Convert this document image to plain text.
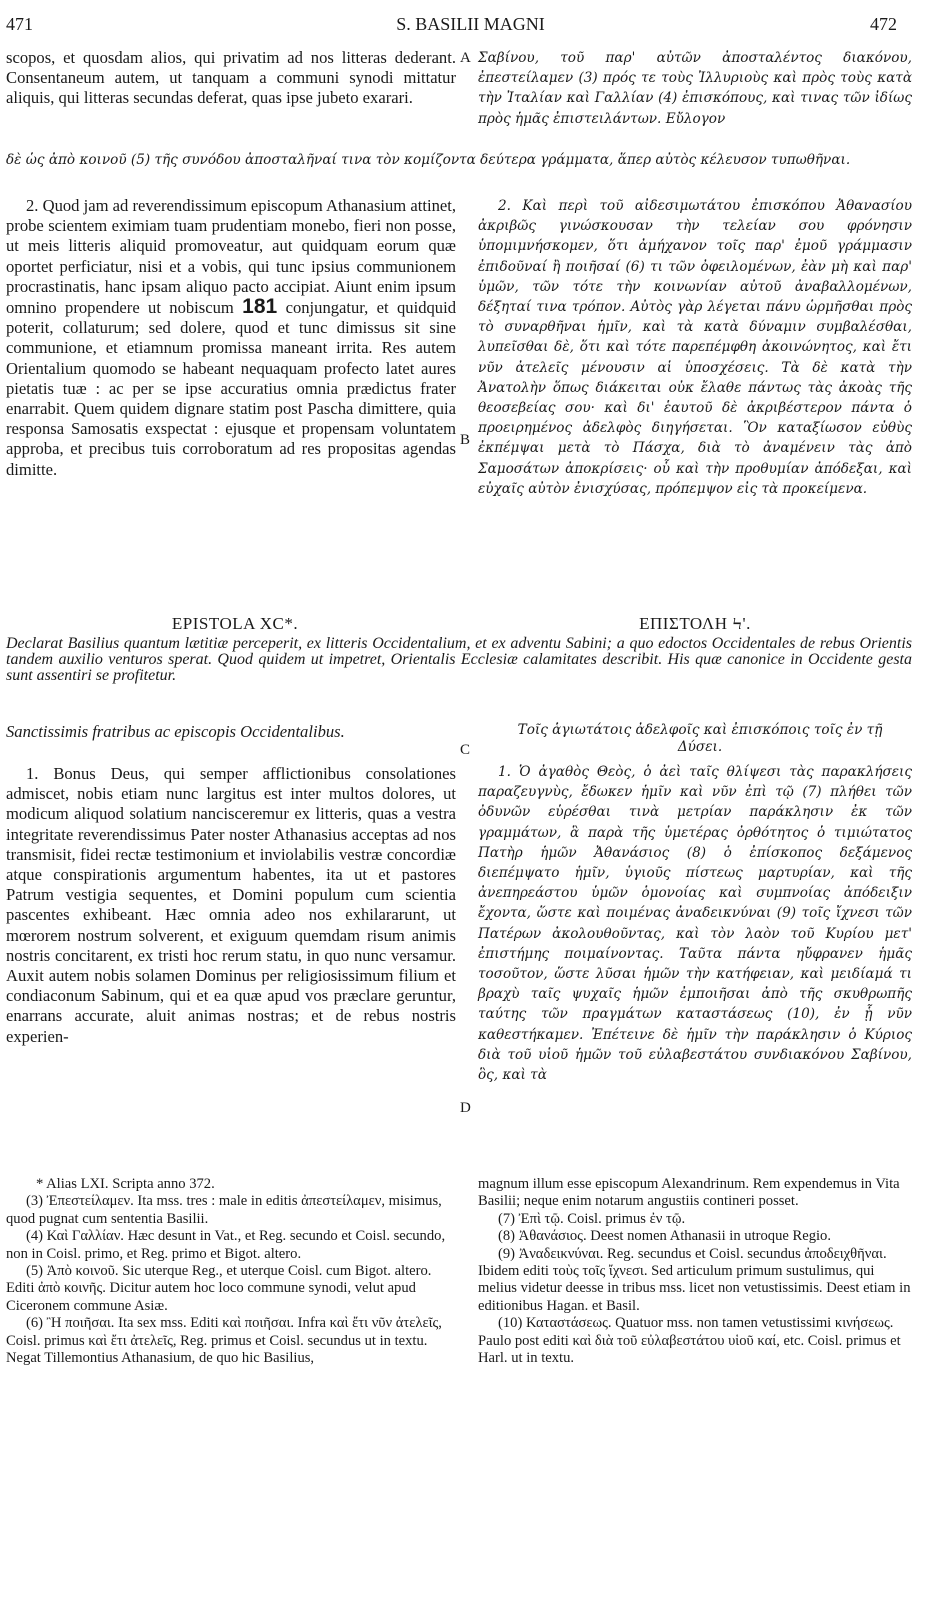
471	S. BASILII MAGNI	472

scopos, et quosdam alios, qui privatim ad nos litteras dederant. Consentaneum autem, ut tanquam a communi synodi mittatur aliquis, qui litteras secundas deferat, quas ipse jubeto exarari.

A Σαβίνου, τοῦ παρ' αὐτῶν ἀποσταλέντος διακόνου, ἐπεστείλαμεν (3) πρός τε τοὺς Ἰλλυριοὺς καὶ πρὸς τοὺς κατὰ τὴν Ἰταλίαν καὶ Γαλλίαν (4) ἐπισκόπους, καὶ τινας τῶν ἰδίως πρὸς ἡμᾶς ἐπιστειλάντων. Εὔλογον

δὲ ὡς ἀπὸ κοινοῦ (5) τῆς συνόδου ἀποσταλῆναί τινα τὸν κομίζοντα δεύτερα γράμματα, ἅπερ αὐτὸς κέλευσον τυπωθῆναι.

2. Quod jam ad reverendissimum episcopum Athanasium attinet, probe scientem eximiam tuam prudentiam monebo, fieri non posse, ut meis litteris aliquid promoveatur, aut quidquam eorum quæ oportet perficiatur, nisi et a vobis, qui tunc ipsius communionem procrastinatis, hanc ipsam aliquo pacto accipiat. Aiunt enim ipsum omnino propendere ut nobiscum 181 conjungatur, et quidquid poterit, collaturum; sed dolere, quod et tunc dimissus sit sine communione, et etiamnum promissa maneant irrita. Res autem Orientalium quomodo se habeant nequaquam profecto latet aures pietatis tuæ : ac per se ipse accuratius omnia prædictus frater enarrabit. Quem quidem dignare statim post Pascha dimittere, quia responsa Samosatis exspectat : ejusque et propensam voluntatem approba, et precibus tuis corroboratum ad res propositas agendas dimitte.

B

2. Καὶ περὶ τοῦ αἰδεσιμωτάτου ἐπισκόπου Ἀθανασίου ἀκριβῶς γινώσκουσαν τὴν τελείαν σου φρόνησιν ὑπομιμνήσκομεν, ὅτι ἀμήχανον τοῖς παρ' ἐμοῦ γράμμασιν ἐπιδοῦναί ἢ ποιῆσαί (6) τι τῶν ὀφειλομένων, ἐὰν μὴ καὶ παρ' ὑμῶν, τῶν τότε τὴν κοινωνίαν αὐτοῦ ἀναβαλλομένων, δέξηταί τινα τρόπον. Αὐτὸς γὰρ λέγεται πάνυ ὡρμῆσθαι πρὸς τὸ συναρθῆναι ἡμῖν, καὶ τὰ κατὰ δύναμιν συμβαλέσθαι, λυπεῖσθαι δὲ, ὅτι καὶ τότε παρεπέμφθη ἀκοινώνητος, καὶ ἔτι νῦν ἀτελεῖς μένουσιν αἱ ὑποσχέσεις. Τὰ δὲ κατὰ τὴν Ἀνατολὴν ὅπως διάκειται οὐκ ἔλαθε πάντως τὰς ἀκοὰς τῆς θεοσεβείας σου· καὶ δι' ἑαυτοῦ δὲ ἀκριβέστερον πάντα ὁ προειρημένος ἀδελφὸς διηγήσεται. Ὃν καταξίωσον εὐθὺς ἐκπέμψαι μετὰ τὸ Πάσχα, διὰ τὸ ἀναμένειν τὰς ἀπὸ Σαμοσάτων ἀποκρίσεις· οὗ καὶ τὴν προθυμίαν ἀπόδεξαι, καὶ εὐχαῖς αὐτὸν ἐνισχύσας, πρόπεμψον εἰς τὰ προκείμενα.

EPISTOLA XC*.	ΕΠΙΣΤΟΛΗ Ϟ'.
Declarat Basilius quantum lætitiæ perceperit, ex litteris Occidentalium, et ex adventu Sabini; a quo edoctos Occidentales de rebus Orientis tandem auxilio venturos sperat. Quod quidem ut impetret, Orientalis Ecclesiæ calamitates describit. His quæ canonice in Occidente gesta sunt assentiri se profitetur.
Sanctissimis fratribus ac episcopis Occidentalibus.	Τοῖς ἁγιωτάτοις ἀδελφοῖς καὶ ἐπισκόποις τοῖς ἐν τῇ Δύσει.
C

1. Bonus Deus, qui semper afflictionibus consolationes admiscet, nobis etiam nunc largitus est inter multos dolores, ut modicum aliquod solatium nancisceremur ex litteris, quas a vestra integritate reverendissimus Pater noster Athanasius acceptas ad nos transmisit, fidei rectæ testimonium et inviolabilis vestræ concordiæ atque conspirationis argumentum habentes, ita ut et pastores Patrum vestigia sequentes, et Domini populum cum scientia pascentes exhibeant. Hæc omnia adeo nos exhilararunt, ut mœrorem nostrum solverent, et exiguum quemdam risum animis nostris concitarent, ex tristi hoc rerum statu, in quo nunc versamur. Auxit autem nobis solamen Dominus per religiosissimum filium et condiaconum Sabinum, qui et ea quæ apud vos præclare geruntur, enarrans accurate, aluit animas nostras; et de rebus nostris experien-

D

1. Ὁ ἀγαθὸς Θεὸς, ὁ ἀεὶ ταῖς θλίψεσι τὰς παρακλήσεις παραζευγνὺς, ἔδωκεν ἡμῖν καὶ νῦν ἐπὶ τῷ (7) πλήθει τῶν ὀδυνῶν εὑρέσθαι τινὰ μετρίαν παράκλησιν ἐκ τῶν γραμμάτων, ἃ παρὰ τῆς ὑμετέρας ὀρθότητος ὁ τιμιώτατος Πατὴρ ἡμῶν Ἀθανάσιος (8) ὁ ἐπίσκοπος δεξάμενος διεπέμψατο ἡμῖν, ὑγιοῦς πίστεως μαρτυρίαν, καὶ τῆς ἀνεπηρεάστου ὑμῶν ὁμονοίας καὶ συμπνοίας ἀπόδειξιν ἔχοντα, ὥστε καὶ ποιμένας ἀναδεικνύναι (9) τοῖς ἴχνεσι τῶν Πατέρων ἀκολουθοῦντας, καὶ τὸν λαὸν τοῦ Κυρίου μετ' ἐπιστήμης ποιμαίνοντας. Ταῦτα πάντα ηὔφρανεν ἡμᾶς τοσοῦτον, ὥστε λῦσαι ἡμῶν τὴν κατήφειαν, καὶ μειδίαμά τι βραχὺ ταῖς ψυχαῖς ἡμῶν ἐμποιῆσαι ἀπὸ τῆς σκυθρωπῆς ταύτης τῶν πραγμάτων καταστάσεως (10), ἐν ᾗ νῦν καθεστήκαμεν. Ἐπέτεινε δὲ ἡμῖν τὴν παράκλησιν ὁ Κύριος διὰ τοῦ υἱοῦ ἡμῶν τοῦ εὐλαβεστάτου συνδιακόνου Σαβίνου, ὃς, καὶ τὰ

* Alias LXI. Scripta anno 372.

(3) Ἐπεστείλαμεν. Ita mss. tres : male in editis ἀπεστείλαμεν, misimus, quod pugnat cum sententia Basilii.

(4) Καὶ Γαλλίαν. Hæc desunt in Vat., et Reg. secundo et Coisl. secundo, non in Coisl. primo, et Reg. primo et Bigot. altero.

(5) Ἀπὸ κοινοῦ. Sic uterque Reg., et uterque Coisl. cum Bigot. altero. Editi ἀπὸ κοινῆς. Dicitur autem hoc loco commune synodi, velut apud Ciceronem commune Asiæ.

(6) Ἢ ποιῆσαι. Ita sex mss. Editi καὶ ποιῆσαι. Infra καὶ ἔτι νῦν ἀτελεῖς, Coisl. primus καὶ ἔτι ἀτελεῖς, Reg. primus et Coisl. secundus ut in textu. Negat Tillemontius Athanasium, de quo hic Basilius,

magnum illum esse episcopum Alexandrinum. Rem expendemus in Vita Basilii; neque enim notarum angustiis contineri posset.

(7) Ἐπὶ τῷ. Coisl. primus ἐν τῷ.

(8) Ἀθανάσιος. Deest nomen Athanasii in utroque Regio.

(9) Ἀναδεικνύναι. Reg. secundus et Coisl. secundus ἀποδειχθῆναι. Ibidem editi τοὺς τοῖς ἴχνεσι. Sed articulum primum sustulimus, qui melius videtur deesse in tribus mss. licet non vetustissimis. Deest etiam in editionibus Hagan. et Basil.

(10) Καταστάσεως. Quatuor mss. non tamen vetustissimi κινήσεως. Paulo post editi καὶ διὰ τοῦ εὐλαβεστάτου υἱοῦ καί, etc. Coisl. primus et Harl. ut in textu.
